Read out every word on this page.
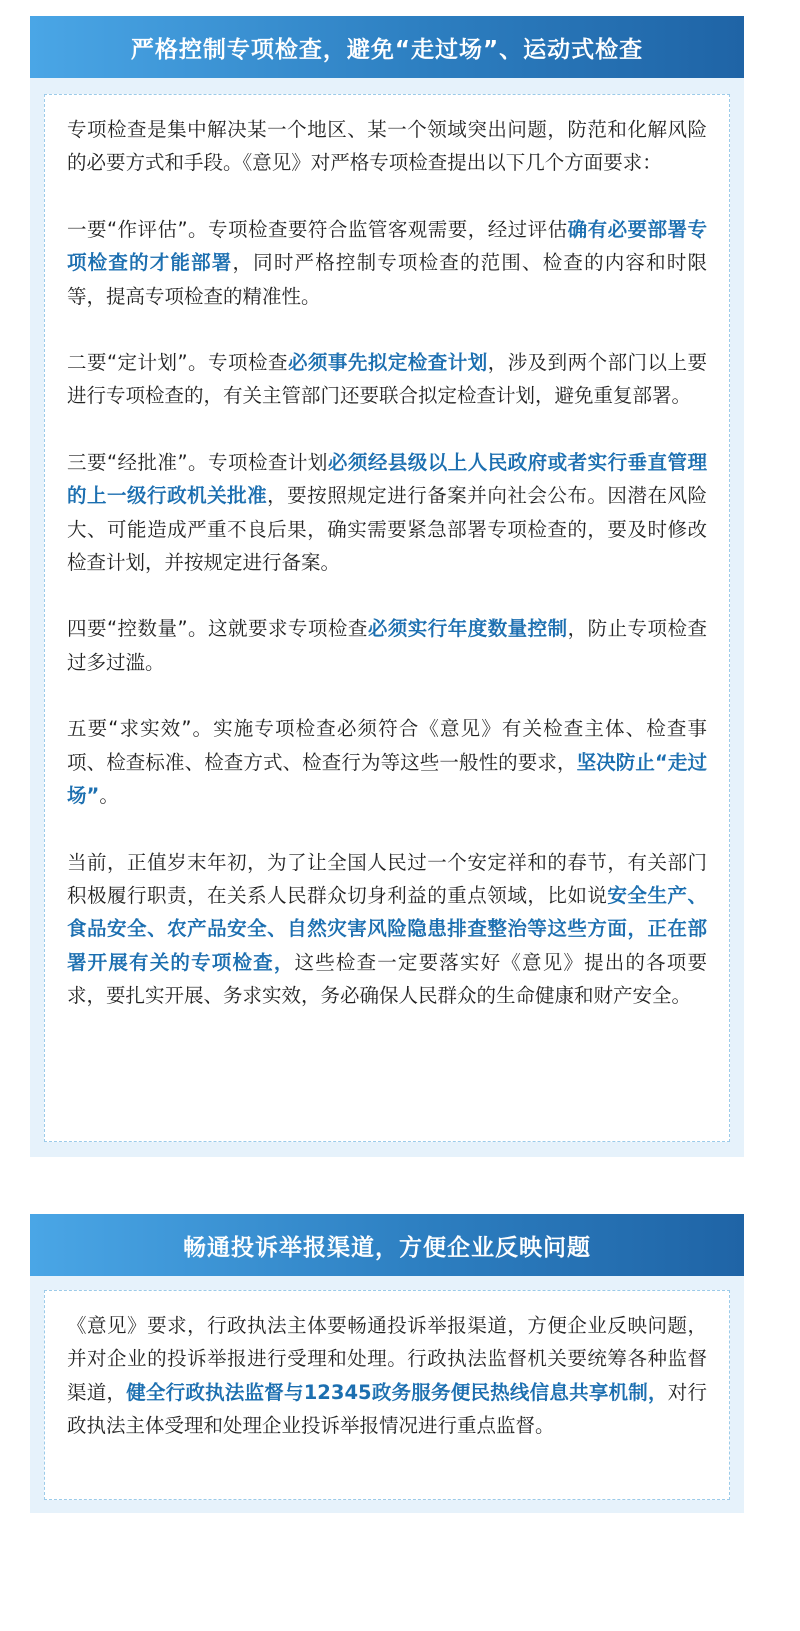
严格控制专项检查，避免“走过场”、运动式检查

专项检查是集中解决某一个地区、某一个领域突出问题，防范和化解风险的必要方式和手段。《意见》对严格专项检查提出以下几个方面要求：

一要“作评估”。专项检查要符合监管客观需要，经过评估确有必要部署专项检查的才能部署，同时严格控制专项检查的范围、检查的内容和时限等，提高专项检查的精准性。

二要“定计划”。专项检查必须事先拟定检查计划，涉及到两个部门以上要进行专项检查的，有关主管部门还要联合拟定检查计划，避免重复部署。

三要“经批准”。专项检查计划必须经县级以上人民政府或者实行垂直管理的上一级行政机关批准，要按照规定进行备案并向社会公布。因潜在风险大、可能造成严重不良后果，确实需要紧急部署专项检查的，要及时修改检查计划，并按规定进行备案。

四要“控数量”。这就要求专项检查必须实行年度数量控制，防止专项检查过多过滥。

五要“求实效”。实施专项检查必须符合《意见》有关检查主体、检查事项、检查标准、检查方式、检查行为等这些一般性的要求，坚决防止“走过场”。

当前，正值岁末年初，为了让全国人民过一个安定祥和的春节，有关部门积极履行职责，在关系人民群众切身利益的重点领域，比如说安全生产、食品安全、农产品安全、自然灾害风险隐患排查整治等这些方面，正在部署开展有关的专项检查，这些检查一定要落实好《意见》提出的各项要求，要扎实开展、务求实效，务必确保人民群众的生命健康和财产安全。

畅通投诉举报渠道，方便企业反映问题

《意见》要求，行政执法主体要畅通投诉举报渠道，方便企业反映问题，并对企业的投诉举报进行受理和处理。行政执法监督机关要统筹各种监督渠道，健全行政执法监督与12345政务服务便民热线信息共享机制，对行政执法主体受理和处理企业投诉举报情况进行重点监督。
